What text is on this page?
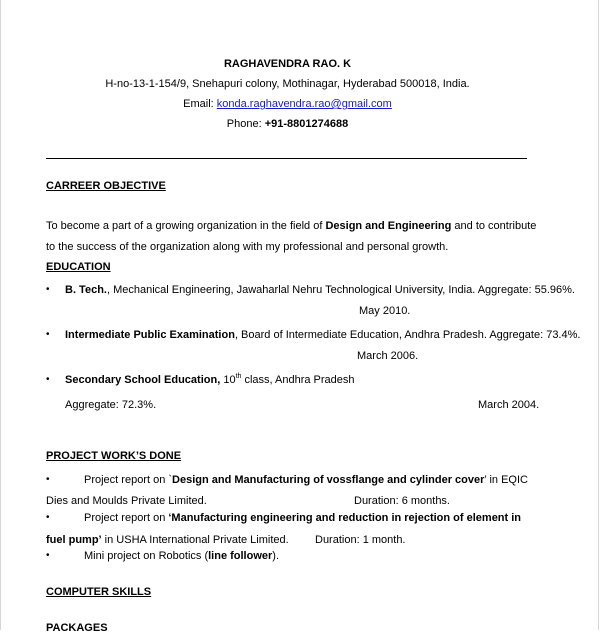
RAGHAVENDRA RAO. K
H-no-13-1-154/9, Snehapuri colony, Mothinagar, Hyderabad 500018, India.
Email: konda.raghavendra.rao@gmail.com
Phone: +91-8801274688
CARREER OBJECTIVE
To become a part of a growing organization in the field of Design and Engineering and to contribute
to the success of the organization along with my professional and personal growth.
EDUCATION
• B. Tech., Mechanical Engineering, Jawaharlal Nehru Technological University, India. Aggregate: 55.96%.
May 2010.
• Intermediate Public Examination, Board of Intermediate Education, Andhra Pradesh. Aggregate: 73.4%.
March 2006.
• Secondary School Education, 10th class, Andhra Pradesh
Aggregate: 72.3%.	March 2004.
PROJECT WORK’S DONE
•	Project report on `Design and Manufacturing of vossflange and cylinder cover’ in EQIC
Dies and Moulds Private Limited.	Duration: 6 months.
•	Project report on ‘Manufacturing engineering and reduction in rejection of element in
fuel pump’ in USHA International Private Limited. Duration: 1 month.
•	Mini project on Robotics (line follower).
COMPUTER SKILLS
PACKAGES
